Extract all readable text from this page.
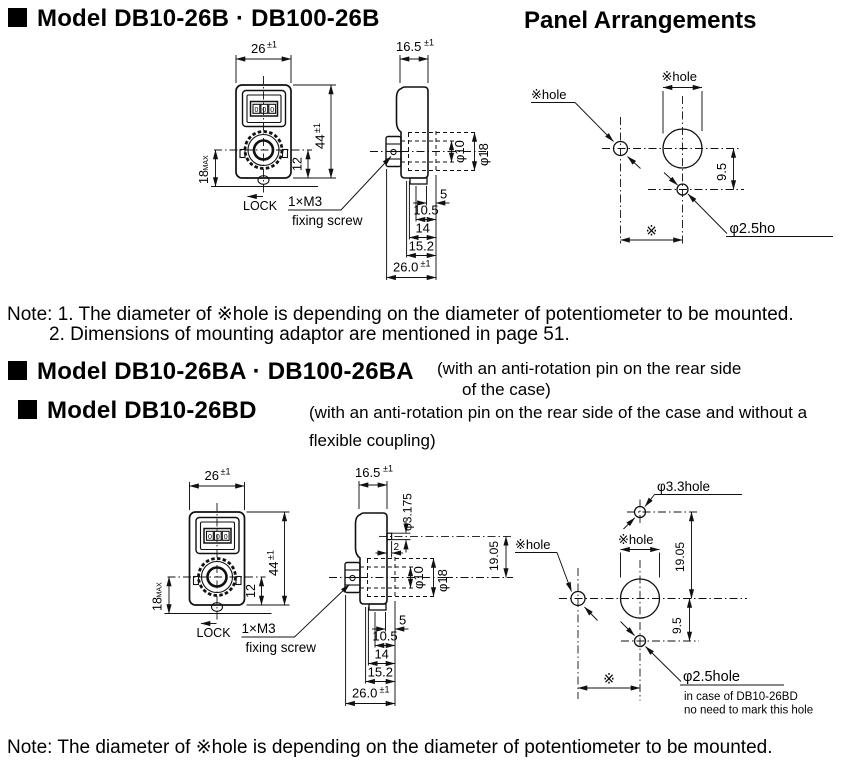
Model DB10-26B · DB100-26B	Panel Arrangements
Note: 1. The diameter of ※hole is depending on the diameter of potentiometer to be mounted.
2. Dimensions of mounting adaptor are mentioned in page 51.
Model DB10-26BA · DB100-26BA (with an anti-rotation pin on the rear side
of the case)
Model DB10-26BD	(with an anti-rotation pin on the rear side of the case and without a
flexible coupling)
Note: The diameter of ※hole is depending on the diameter of potentiometer to be mounted.
26 ±1
0 0 0
44
±1
12
18
MAX
LOCK 1×M3
fixing screw
16.5 ±1
φ10 φ18
5
10.5
14
15.2
26.0 ±1
※hole
※hole
9.5
※	φ2.5ho
26 ±1
0 0 0
44
±1
12
18
MAX
LOCK 1×M3
fixing screw
16.5 ±1
φ10 φ18
5
10.5
14
15.2
26.0 ±1
φ3.175
2	19.05
φ3.3hole
※hole
19.05
9.5
※hole
※	φ2.5hole
in case of DB10-26BD
no need to mark this hole
